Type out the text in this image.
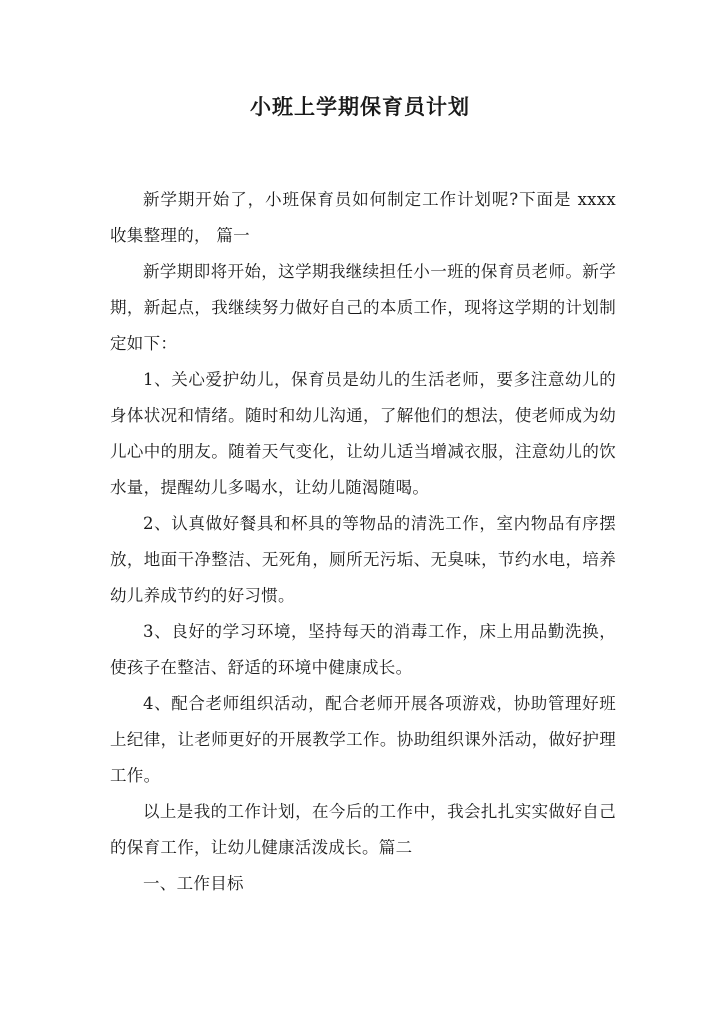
小班上学期保育员计划

新学期开始了，小班保育员如何制定工作计划呢?下面是 xxxx 收集整理的， 篇一

新学期即将开始，这学期我继续担任小一班的保育员老师。新学期，新起点，我继续努力做好自己的本质工作，现将这学期的计划制定如下：

1、关心爱护幼儿，保育员是幼儿的生活老师，要多注意幼儿的身体状况和情绪。随时和幼儿沟通，了解他们的想法，使老师成为幼儿心中的朋友。随着天气变化，让幼儿适当增减衣服，注意幼儿的饮水量，提醒幼儿多喝水，让幼儿随渴随喝。

2、认真做好餐具和杯具的等物品的清洗工作，室内物品有序摆放，地面干净整洁、无死角，厕所无污垢、无臭味，节约水电，培养幼儿养成节约的好习惯。

3、良好的学习环境，坚持每天的消毒工作，床上用品勤洗换，使孩子在整洁、舒适的环境中健康成长。

4、配合老师组织活动，配合老师开展各项游戏，协助管理好班上纪律，让老师更好的开展教学工作。协助组织课外活动，做好护理工作。

以上是我的工作计划，在今后的工作中，我会扎扎实实做好自己的保育工作，让幼儿健康活泼成长。篇二

一、工作目标
